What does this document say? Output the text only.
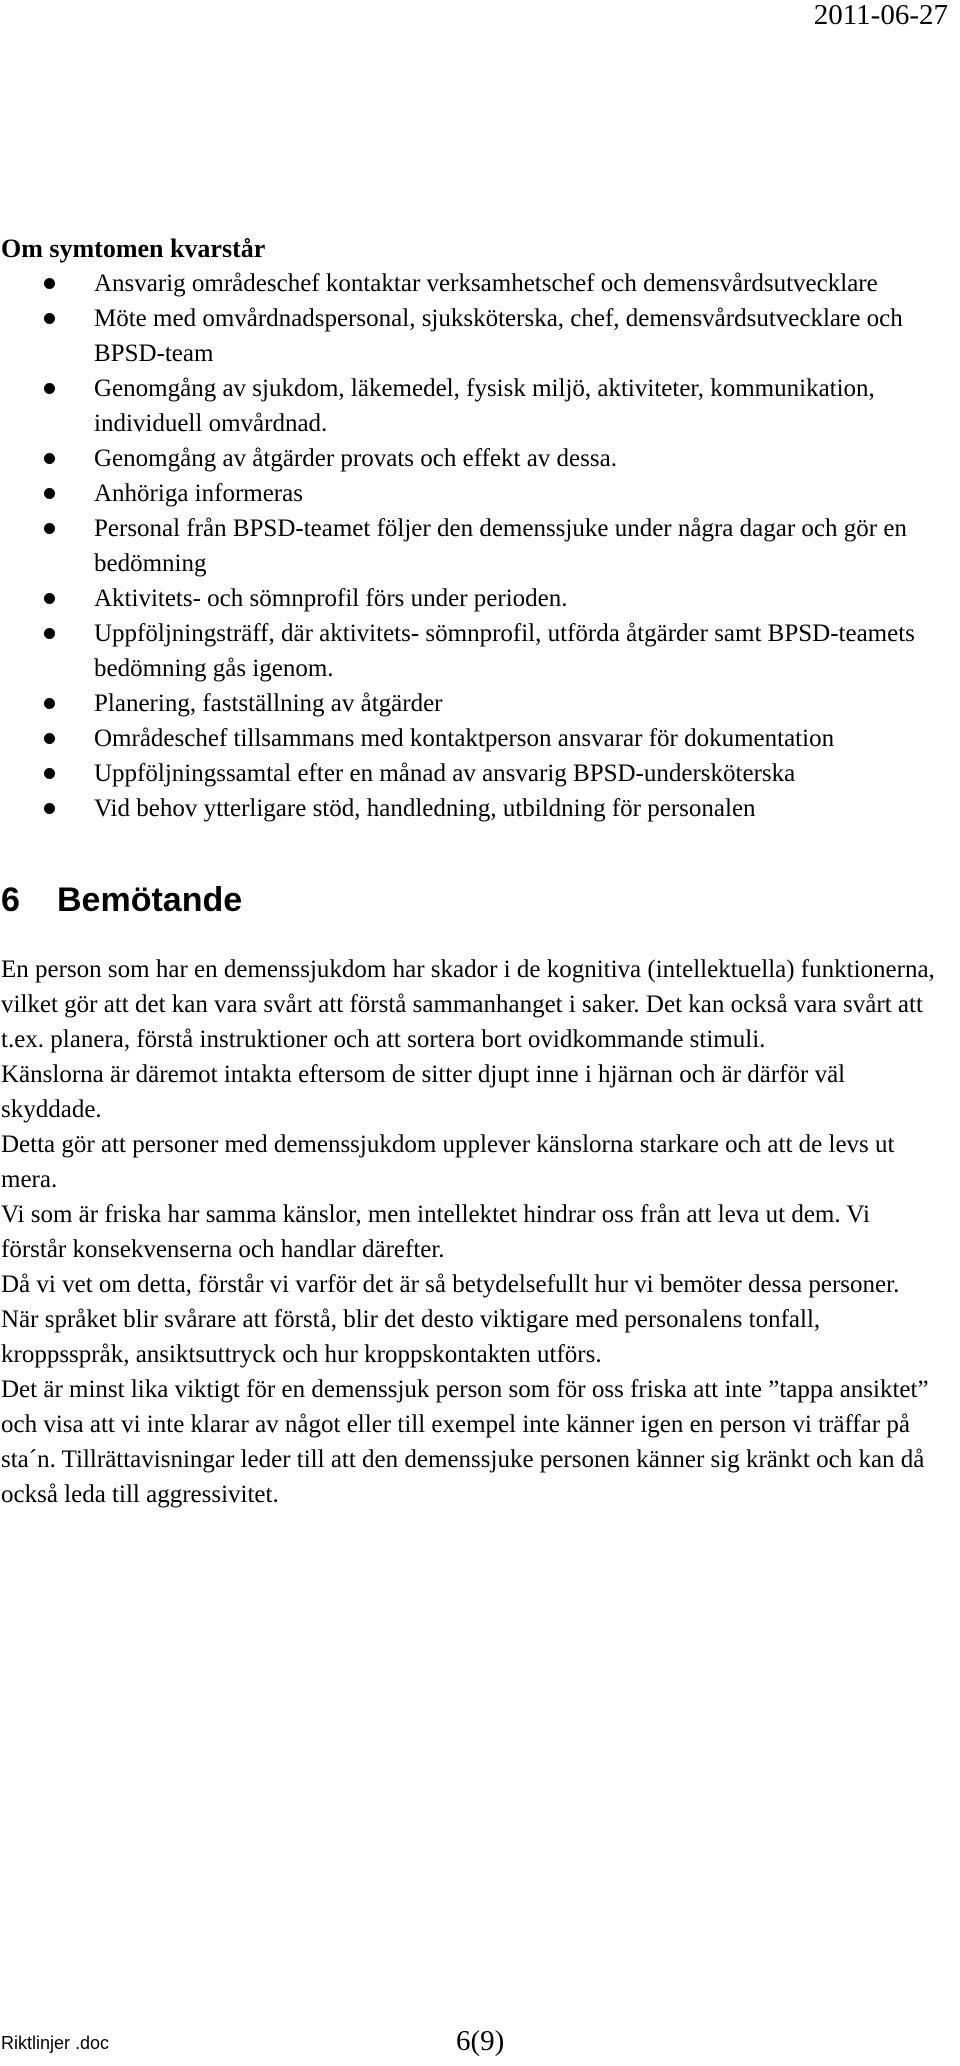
2011-06-27
Om symtomen kvarstår
Ansvarig områdeschef kontaktar verksamhetschef och demensvårdsutvecklare
Möte med omvårdnadspersonal, sjuksköterska, chef, demensvårdsutvecklare och BPSD-team
Genomgång av sjukdom, läkemedel, fysisk miljö, aktiviteter, kommunikation, individuell omvårdnad.
Genomgång av åtgärder provats och effekt av dessa.
Anhöriga informeras
Personal från BPSD-teamet följer den demenssjuke under några dagar och gör en bedömning
Aktivitets- och sömnprofil förs under perioden.
Uppföljningsträff, där aktivitets- sömnprofil, utförda åtgärder samt BPSD-teamets bedömning gås igenom.
Planering, fastställning av åtgärder
Områdeschef tillsammans med kontaktperson ansvarar för dokumentation
Uppföljningssamtal efter en månad av ansvarig BPSD-undersköterska
Vid behov ytterligare stöd, handledning, utbildning för personalen
6	Bemötande

En person som har en demenssjukdom har skador i de kognitiva (intellektuella) funktionerna, vilket gör att det kan vara svårt att förstå sammanhanget i saker. Det kan också vara svårt att t.ex. planera, förstå instruktioner och att sortera bort ovidkommande stimuli.

Känslorna är däremot intakta eftersom de sitter djupt inne i hjärnan och är därför väl skyddade.

Detta gör att personer med demenssjukdom upplever känslorna starkare och att de levs ut mera.

Vi som är friska har samma känslor, men intellektet hindrar oss från att leva ut dem. Vi förstår konsekvenserna och handlar därefter.

Då vi vet om detta, förstår vi varför det är så betydelsefullt hur vi bemöter dessa personer.

När språket blir svårare att förstå, blir det desto viktigare med personalens tonfall, kroppsspråk, ansiktsuttryck och hur kroppskontakten utförs.

Det är minst lika viktigt för en demenssjuk person som för oss friska att inte ”tappa ansiktet” och visa att vi inte klarar av något eller till exempel inte känner igen en person vi träffar på sta´n. Tillrättavisningar leder till att den demenssjuke personen känner sig kränkt och kan då också leda till aggressivitet.

Riktlinjer .doc	6(9)
